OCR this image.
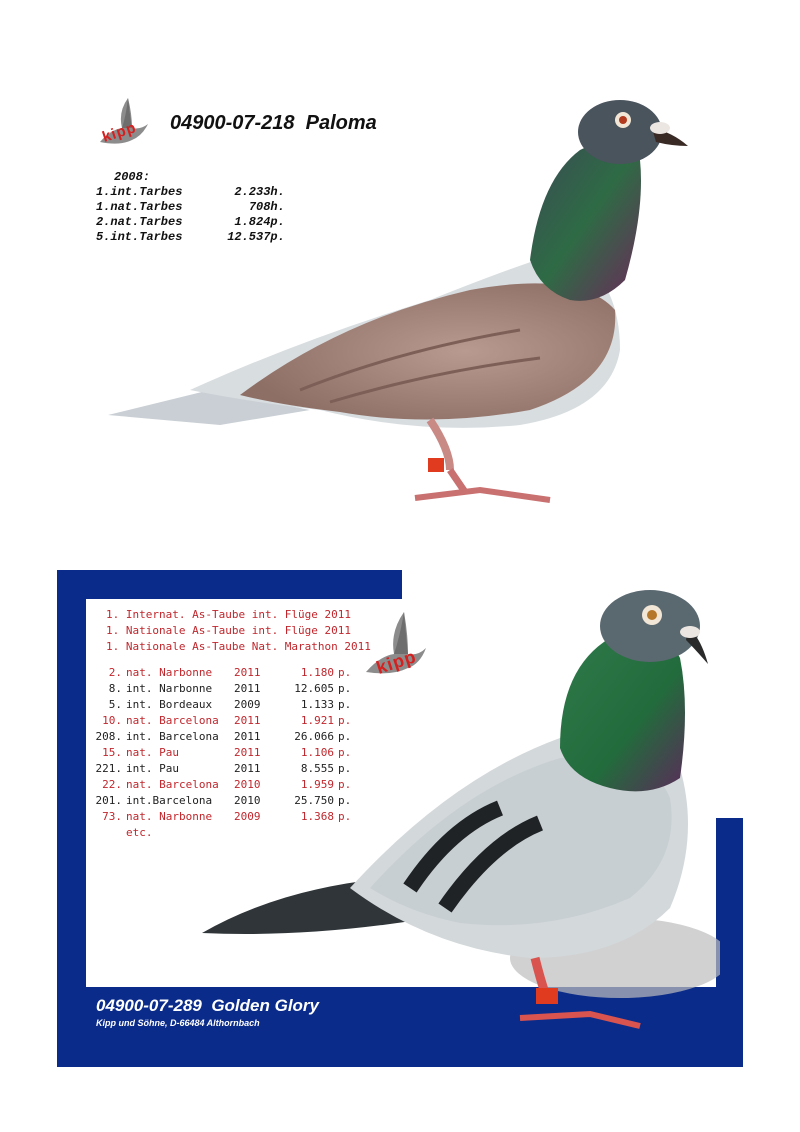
kipp 04900-07-218  Paloma
2008:
1.int.Tarbes	2.233	h.
1.nat.Tarbes	708	h.
2.nat.Tarbes	1.824	p.
5.int.Tarbes	12.537	p.
kipp
1. Internat. As-Taube int. Flüge 2011
1. Nationale As-Taube int. Flüge 2011
1. Nationale As-Taube Nat. Marathon 2011
2.	nat. Narbonne	2011	1.180	p.
8.	int. Narbonne	2011	12.605	p.
5.	int. Bordeaux	2009	1.133	p.
10.	nat. Barcelona	2011	1.921	p.
208.	int. Barcelona	2011	26.066	p.
15.	nat. Pau	2011	1.106	p.
221.	int. Pau	2011	8.555	p.
22.	nat. Barcelona	2010	1.959	p.
201.	int.Barcelona	2010	25.750	p.
73.	nat. Narbonne	2009	1.368	p.
etc.
04900-07-289  Golden Glory
Kipp und Söhne, D-66484 Althornbach
